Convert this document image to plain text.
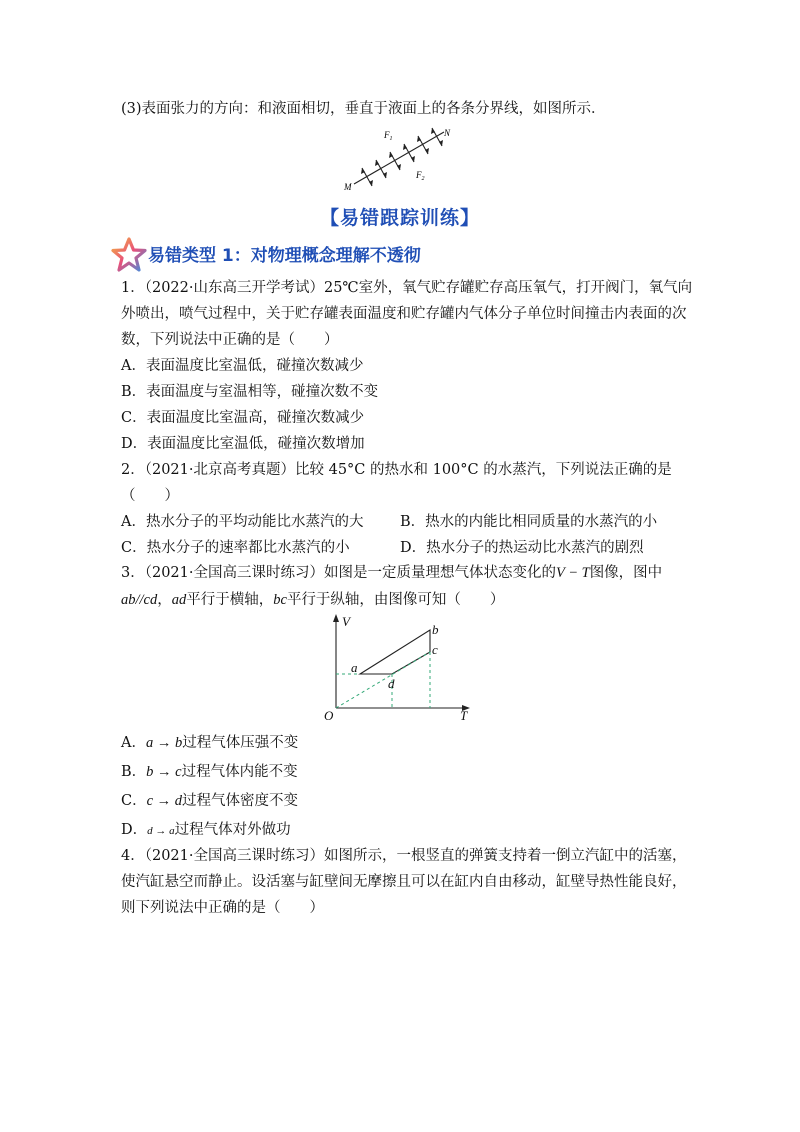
(3)表面张力的方向：和液面相切，垂直于液面上的各条分界线，如图所示．
$F_1$
$F_2$
N
M
【易错跟踪训练】
易错类型 1：对物理概念理解不透彻
1．（2022·山东高三开学考试）25℃室外，氧气贮存罐贮存高压氧气，打开阀门，氧气向
外喷出，喷气过程中，关于贮存罐表面温度和贮存罐内气体分子单位时间撞击内表面的次
数，下列说法中正确的是（　　）
A．表面温度比室温低，碰撞次数减少
B．表面温度与室温相等，碰撞次数不变
C．表面温度比室温高，碰撞次数减少
D．表面温度比室温低，碰撞次数增加
2．（2021·北京高考真题）比较 45°C 的热水和 100°C 的水蒸汽，下列说法正确的是
（　　）
A．热水分子的平均动能比水蒸汽的大	B．热水的内能比相同质量的水蒸汽的小
C．热水分子的速率都比水蒸汽的小	D．热水分子的热运动比水蒸汽的剧烈
3．（2021·全国高三课时练习）如图是一定质量理想气体状态变化的V − T图像，图中
ab//cd，ad平行于横轴，bc平行于纵轴，由图像可知（　　）
V
T
O
a
b
c
d
A．a → b过程气体压强不变
B．b → c过程气体内能不变
C．c → d过程气体密度不变
D．d → a过程气体对外做功
4．（2021·全国高三课时练习）如图所示，一根竖直的弹簧支持着一倒立汽缸中的活塞，
使汽缸悬空而静止。设活塞与缸壁间无摩擦且可以在缸内自由移动，缸壁导热性能良好，
则下列说法中正确的是（　　）
